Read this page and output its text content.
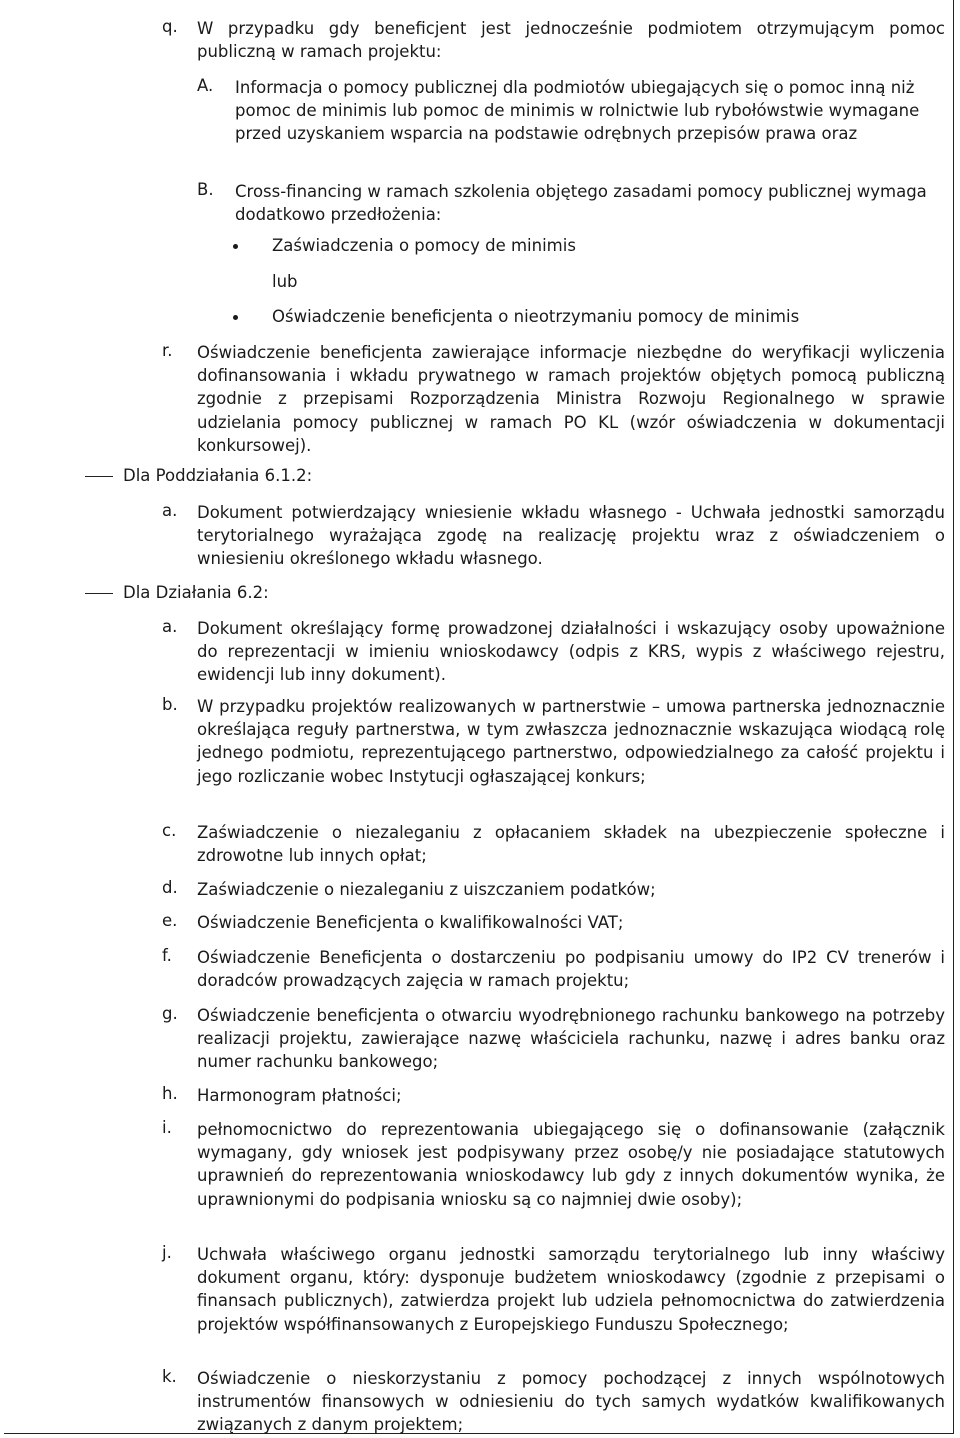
q. W przypadku gdy beneficjent jest jednocześnie podmiotem otrzymującym pomoc publiczną w ramach projektu:
A. Informacja o pomocy publicznej dla podmiotów ubiegających się o pomoc inną niż pomoc de minimis lub pomoc de minimis w rolnictwie lub rybołówstwie wymagane przed uzyskaniem wsparcia na podstawie odrębnych przepisów prawa oraz
B. Cross-financing w ramach szkolenia objętego zasadami pomocy publicznej wymaga dodatkowo przedłożenia:
Zaświadczenia o pomocy de minimis
lub
Oświadczenie beneficjenta o nieotrzymaniu pomocy de minimis
r. Oświadczenie beneficjenta zawierające informacje niezbędne do weryfikacji wyliczenia dofinansowania i wkładu prywatnego w ramach projektów objętych pomocą publiczną zgodnie z przepisami Rozporządzenia Ministra Rozwoju Regionalnego w sprawie udzielania pomocy publicznej w ramach PO KL (wzór oświadczenia w dokumentacji konkursowej).
Dla Poddziałania 6.1.2:
a. Dokument potwierdzający wniesienie wkładu własnego - Uchwała jednostki samorządu terytorialnego wyrażająca zgodę na realizację projektu wraz z oświadczeniem o wniesieniu określonego wkładu własnego.
Dla Działania 6.2:
a. Dokument określający formę prowadzonej działalności i wskazujący osoby upoważnione do reprezentacji w imieniu wnioskodawcy (odpis z KRS, wypis z właściwego rejestru, ewidencji lub inny dokument).
b. W przypadku projektów realizowanych w partnerstwie – umowa partnerska jednoznacznie określająca reguły partnerstwa, w tym zwłaszcza jednoznacznie wskazująca wiodącą rolę jednego podmiotu, reprezentującego partnerstwo, odpowiedzialnego za całość projektu i jego rozliczanie wobec Instytucji ogłaszającej konkurs;
c. Zaświadczenie o niezaleganiu z opłacaniem składek na ubezpieczenie społeczne i zdrowotne lub innych opłat;
d. Zaświadczenie o niezaleganiu z uiszczaniem podatków;
e. Oświadczenie Beneficjenta o kwalifikowalności VAT;
f. Oświadczenie Beneficjenta o dostarczeniu po podpisaniu umowy do IP2 CV trenerów i doradców prowadzących zajęcia w ramach projektu;
g. Oświadczenie beneficjenta o otwarciu wyodrębnionego rachunku bankowego na potrzeby realizacji projektu, zawierające nazwę właściciela rachunku, nazwę i adres banku oraz numer rachunku bankowego;
h. Harmonogram płatności;
i. pełnomocnictwo do reprezentowania ubiegającego się o dofinansowanie (załącznik wymagany, gdy wniosek jest podpisywany przez osobę/y nie posiadające statutowych uprawnień do reprezentowania wnioskodawcy lub gdy z innych dokumentów wynika, że uprawnionymi do podpisania wniosku są co najmniej dwie osoby);
j. Uchwała właściwego organu jednostki samorządu terytorialnego lub inny właściwy dokument organu, który: dysponuje budżetem wnioskodawcy (zgodnie z przepisami o finansach publicznych), zatwierdza projekt lub udziela pełnomocnictwa do zatwierdzenia projektów współfinansowanych z Europejskiego Funduszu Społecznego;
k. Oświadczenie o nieskorzystaniu z pomocy pochodzącej z innych wspólnotowych instrumentów finansowych w odniesieniu do tych samych wydatków kwalifikowanych związanych z danym projektem;
